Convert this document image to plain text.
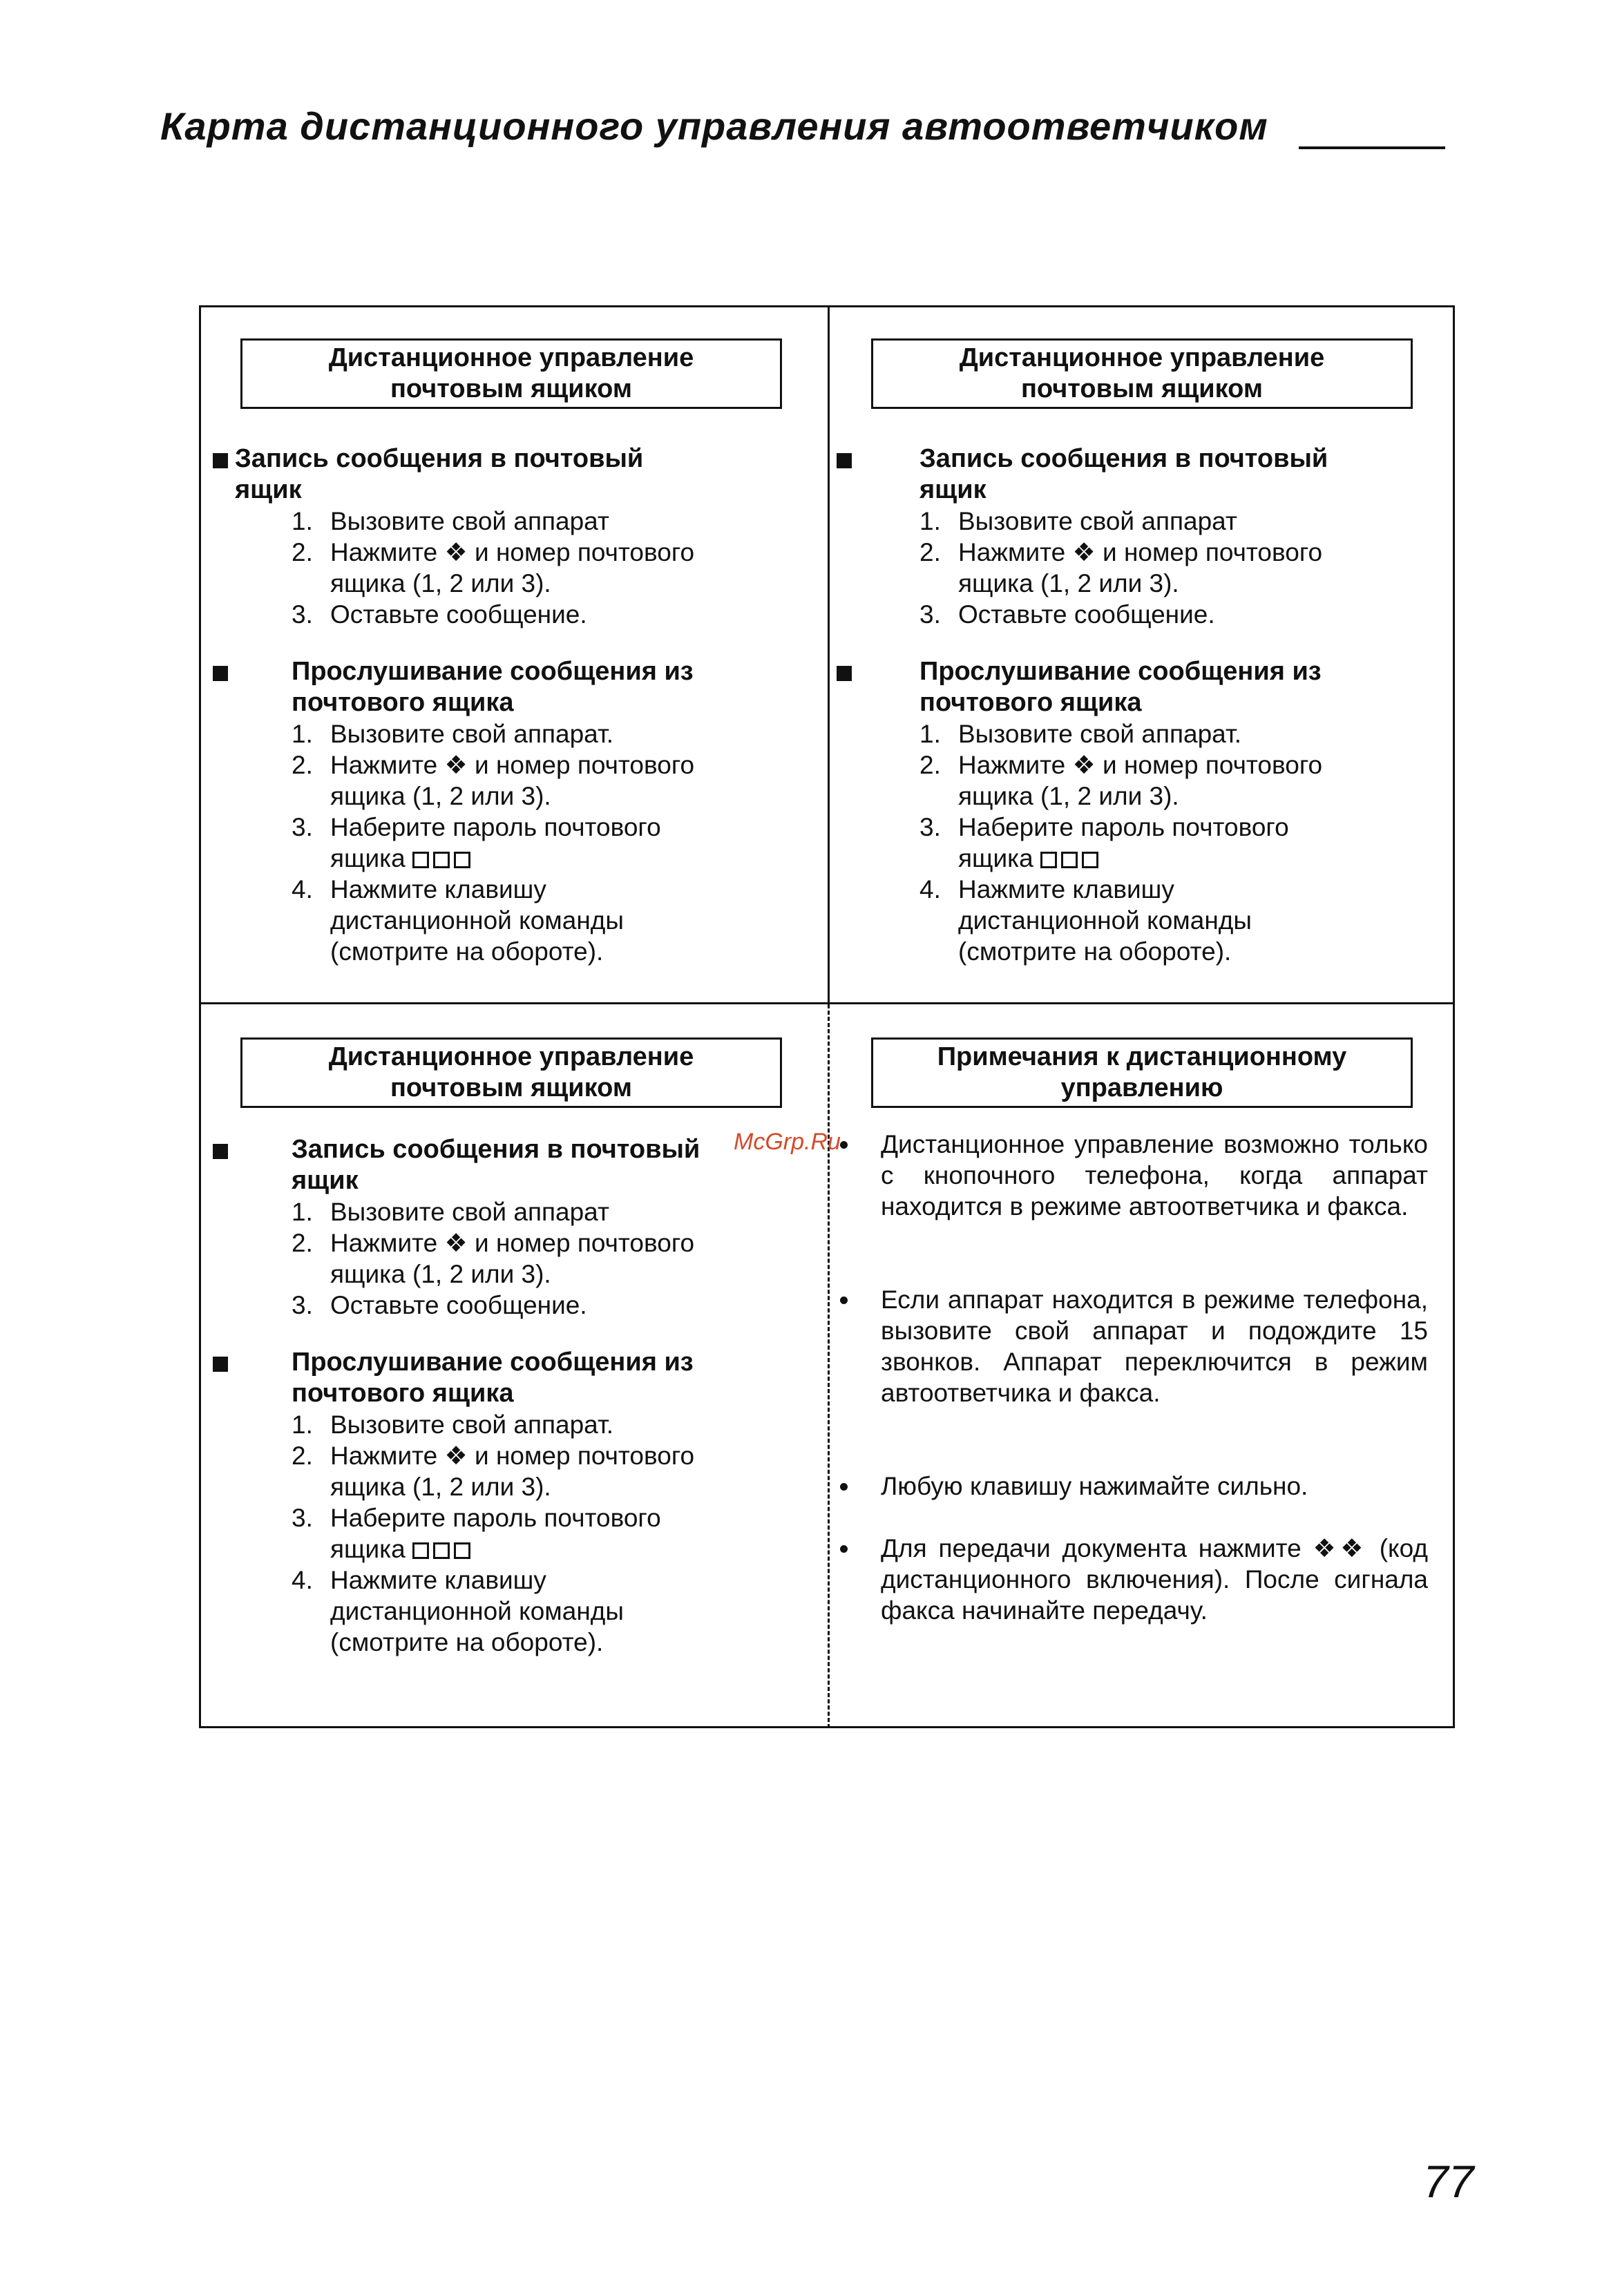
Карта дистанционного управления автоответчиком
Дистанционное управление
почтовым ящиком
Запись сообщения в почтовый
ящик
1. Вызовите свой аппарат
2. Нажмите ❖ и номер почтового
ящика (1, 2 или 3).
3. Оставьте сообщение.
Прослушивание сообщения из
почтового ящика
1. Вызовите свой аппарат.
2. Нажмите ❖ и номер почтового
ящика (1, 2 или 3).
3. Наберите пароль почтового
ящика
4. Нажмите клавишу
дистанционной команды
(смотрите на обороте).
Дистанционное управление
почтовым ящиком
Запись сообщения в почтовый
ящик
1. Вызовите свой аппарат
2. Нажмите ❖ и номер почтового
ящика (1, 2 или 3).
3. Оставьте сообщение.
Прослушивание сообщения из
почтового ящика
1. Вызовите свой аппарат.
2. Нажмите ❖ и номер почтового
ящика (1, 2 или 3).
3. Наберите пароль почтового
ящика
4. Нажмите клавишу
дистанционной команды
(смотрите на обороте).
Дистанционное управление
почтовым ящиком
Запись сообщения в почтовый
ящик
1. Вызовите свой аппарат
2. Нажмите ❖ и номер почтового
ящика (1, 2 или 3).
3. Оставьте сообщение.
Прослушивание сообщения из
почтового ящика
1. Вызовите свой аппарат.
2. Нажмите ❖ и номер почтового
ящика (1, 2 или 3).
3. Наберите пароль почтового
ящика
4. Нажмите клавишу
дистанционной команды
(смотрите на обороте).
Примечания к дистанционному
управлению
Дистанционное управление возможно только с кнопочного телефона, когда аппарат находится в режиме автоответчика и факса.
Если аппарат находится в режиме телефона, вызовите свой аппарат и подождите 15 звонков. Аппарат переключится в режим автоответчика и факса.
Любую клавишу нажимайте сильно.
Для передачи документа нажмите ❖❖ (код дистанционного включения). После сигнала факса начинайте передачу.
McGrp.Ru
77
